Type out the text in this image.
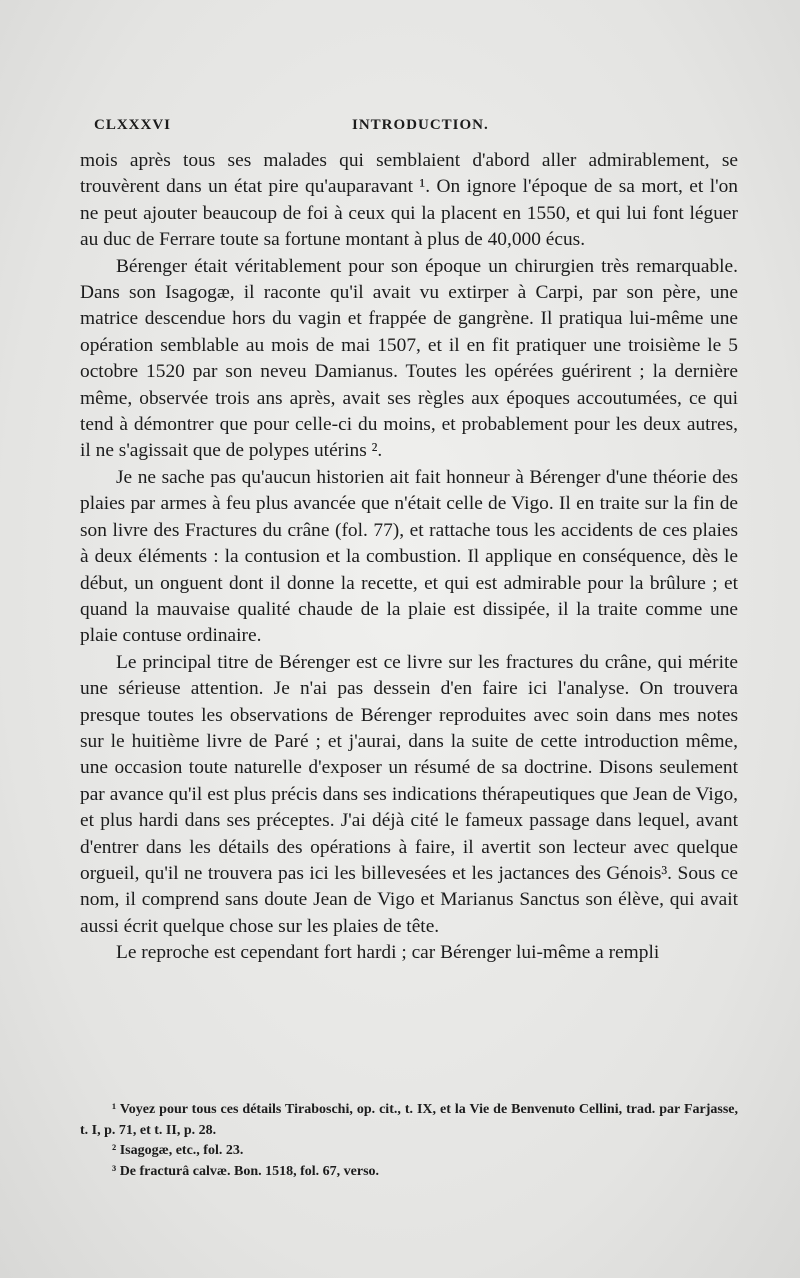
CLXXXVI	INTRODUCTION.

mois après tous ses malades qui semblaient d'abord aller admirablement, se trouvèrent dans un état pire qu'auparavant ¹. On ignore l'époque de sa mort, et l'on ne peut ajouter beaucoup de foi à ceux qui la placent en 1550, et qui lui font léguer au duc de Ferrare toute sa fortune montant à plus de 40,000 écus.

Bérenger était véritablement pour son époque un chirurgien très remarquable. Dans son Isagogæ, il raconte qu'il avait vu extirper à Carpi, par son père, une matrice descendue hors du vagin et frappée de gangrène. Il pratiqua lui-même une opération semblable au mois de mai 1507, et il en fit pratiquer une troisième le 5 octobre 1520 par son neveu Damianus. Toutes les opérées guérirent ; la dernière même, observée trois ans après, avait ses règles aux époques accoutumées, ce qui tend à démontrer que pour celle-ci du moins, et probablement pour les deux autres, il ne s'agissait que de polypes utérins ².

Je ne sache pas qu'aucun historien ait fait honneur à Bérenger d'une théorie des plaies par armes à feu plus avancée que n'était celle de Vigo. Il en traite sur la fin de son livre des Fractures du crâne (fol. 77), et rattache tous les accidents de ces plaies à deux éléments : la contusion et la combustion. Il applique en conséquence, dès le début, un onguent dont il donne la recette, et qui est admirable pour la brûlure ; et quand la mauvaise qualité chaude de la plaie est dissipée, il la traite comme une plaie contuse ordinaire.

Le principal titre de Bérenger est ce livre sur les fractures du crâne, qui mérite une sérieuse attention. Je n'ai pas dessein d'en faire ici l'analyse. On trouvera presque toutes les observations de Bérenger reproduites avec soin dans mes notes sur le huitième livre de Paré ; et j'aurai, dans la suite de cette introduction même, une occasion toute naturelle d'exposer un résumé de sa doctrine. Disons seulement par avance qu'il est plus précis dans ses indications thérapeutiques que Jean de Vigo, et plus hardi dans ses préceptes. J'ai déjà cité le fameux passage dans lequel, avant d'entrer dans les détails des opérations à faire, il avertit son lecteur avec quelque orgueil, qu'il ne trouvera pas ici les billevesées et les jactances des Génois³. Sous ce nom, il comprend sans doute Jean de Vigo et Marianus Sanctus son élève, qui avait aussi écrit quelque chose sur les plaies de tête.

Le reproche est cependant fort hardi ; car Bérenger lui-même a rempli

¹ Voyez pour tous ces détails Tiraboschi, op. cit., t. IX, et la Vie de Benvenuto Cellini, trad. par Farjasse, t. I, p. 71, et t. II, p. 28.

² Isagogæ, etc., fol. 23.

³ De fracturâ calvæ. Bon. 1518, fol. 67, verso.
